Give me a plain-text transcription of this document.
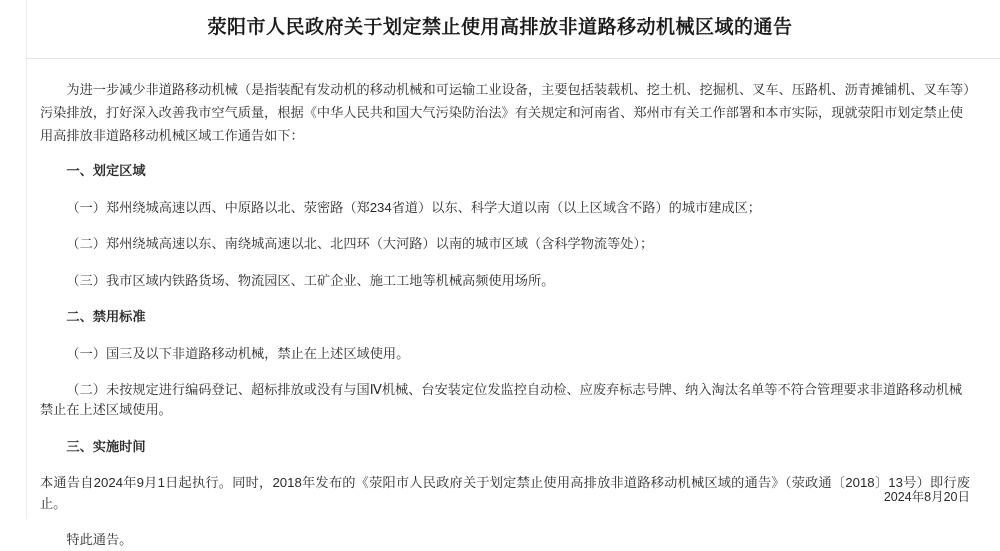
荥阳市人民政府关于划定禁止使用高排放非道路移动机械区域的通告

为进一步减少非道路移动机械（是指装配有发动机的移动机械和可运输工业设备，主要包括装载机、挖土机、挖掘机、叉车、压路机、沥青摊铺机、叉车等）污染排放，打好深入改善我市空气质量，根据《中华人民共和国大气污染防治法》有关规定和河南省、郑州市有关工作部署和本市实际，现就荥阳市划定禁止使用高排放非道路移动机械区域工作通告如下：

一、划定区域

（一）郑州绕城高速以西、中原路以北、荥密路（郑234省道）以东、科学大道以南（以上区域含不路）的城市建成区；

（二）郑州绕城高速以东、南绕城高速以北、北四环（大河路）以南的城市区域（含科学物流等处）；

（三）我市区域内铁路货场、物流园区、工矿企业、施工工地等机械高频使用场所。

二、禁用标准

（一）国三及以下非道路移动机械，禁止在上述区域使用。

（二）未按规定进行编码登记、超标排放或没有与国Ⅳ机械、台安装定位发监控自动检、应废弃标志号牌、纳入淘汰名单等不符合管理要求非道路移动机械禁止在上述区域使用。

三、实施时间

本通告自2024年9月1日起执行。同时，2018年发布的《荥阳市人民政府关于划定禁止使用高排放非道路移动机械区域的通告》（荥政通〔2018〕13号）即行废止。

特此通告。

2024年8月20日
